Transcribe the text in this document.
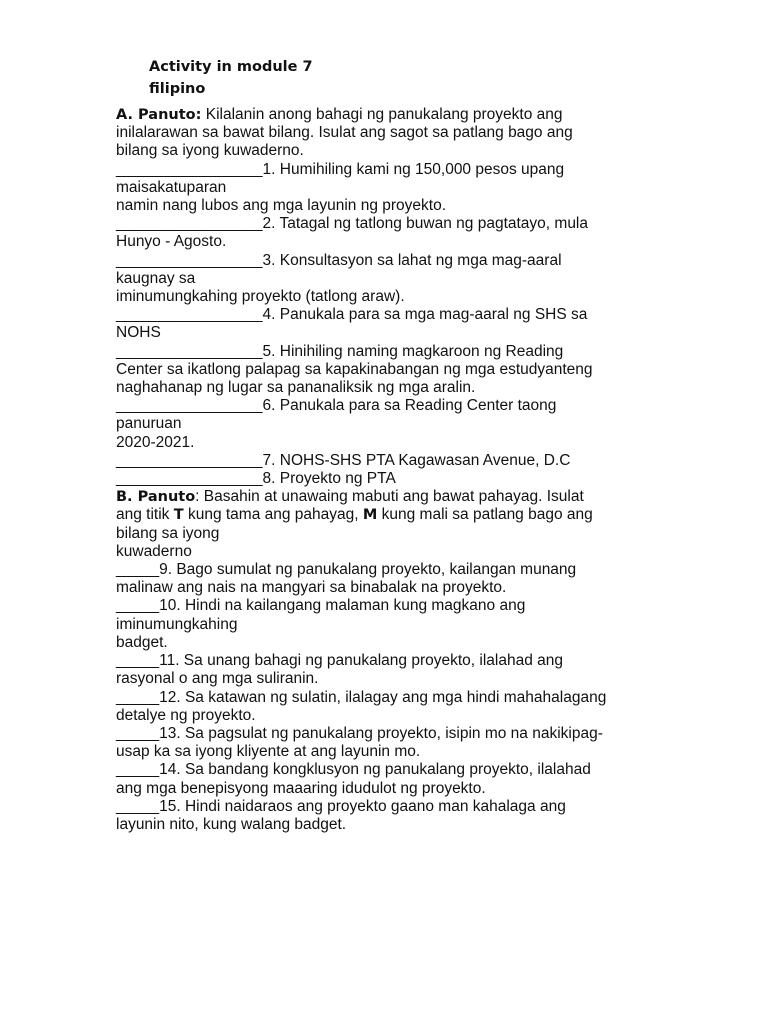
Activity in module 7
filipino
A. Panuto: Kilalanin anong bahagi ng panukalang proyekto ang
inilalarawan sa bawat bilang. Isulat ang sagot sa patlang bago ang
bilang sa iyong kuwaderno.
_________________1. Humihiling kami ng 150,000 pesos upang
maisakatuparan
namin nang lubos ang mga layunin ng proyekto.
_________________2. Tatagal ng tatlong buwan ng pagtatayo, mula
Hunyo - Agosto.
_________________3. Konsultasyon sa lahat ng mga mag-aaral
kaugnay sa
iminumungkahing proyekto (tatlong araw).
_________________4. Panukala para sa mga mag-aaral ng SHS sa
NOHS
_________________5. Hinihiling naming magkaroon ng Reading
Center sa ikatlong palapag sa kapakinabangan ng mga estudyanteng
naghahanap ng lugar sa pananaliksik ng mga aralin.
_________________6. Panukala para sa Reading Center taong
panuruan
2020-2021.
_________________7. NOHS-SHS PTA Kagawasan Avenue, D.C
_________________8. Proyekto ng PTA
B. Panuto: Basahin at unawaing mabuti ang bawat pahayag. Isulat
ang titik T kung tama ang pahayag, M kung mali sa patlang bago ang
bilang sa iyong
kuwaderno
_____9. Bago sumulat ng panukalang proyekto, kailangan munang
malinaw ang nais na mangyari sa binabalak na proyekto.
_____10. Hindi na kailangang malaman kung magkano ang
iminumungkahing
badget.
_____11. Sa unang bahagi ng panukalang proyekto, ilalahad ang
rasyonal o ang mga suliranin.
_____12. Sa katawan ng sulatin, ilalagay ang mga hindi mahahalagang
detalye ng proyekto.
_____13. Sa pagsulat ng panukalang proyekto, isipin mo na nakikipag-
usap ka sa iyong kliyente at ang layunin mo.
_____14. Sa bandang kongklusyon ng panukalang proyekto, ilalahad
ang mga benepisyong maaaring idudulot ng proyekto.
_____15. Hindi naidaraos ang proyekto gaano man kahalaga ang
layunin nito, kung walang badget.
